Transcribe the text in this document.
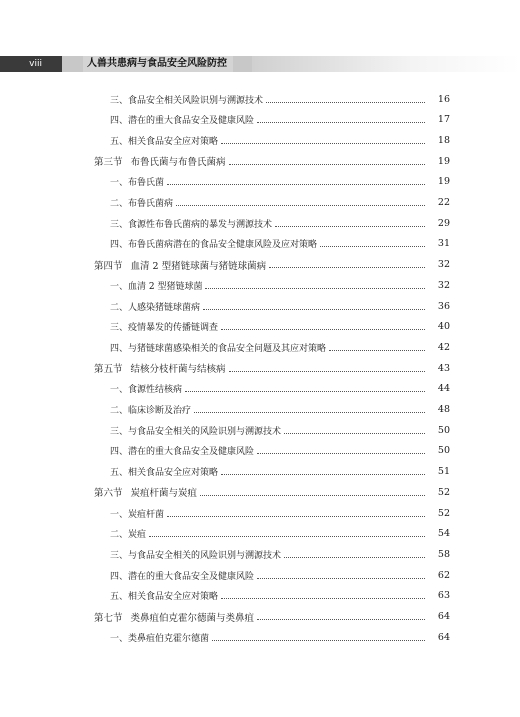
viii	人兽共患病与食品安全风险防控
三、食品安全相关风险识别与溯源技术	16
四、潜在的重大食品安全及健康风险	17
五、相关食品安全应对策略	18
第三节 布鲁氏菌与布鲁氏菌病	19
一、布鲁氏菌	19
二、布鲁氏菌病	22
三、食源性布鲁氏菌病的暴发与溯源技术	29
四、布鲁氏菌病潜在的食品安全健康风险及应对策略	31
第四节 血清 2 型猪链球菌与猪链球菌病	32
一、血清 2 型猪链球菌	32
二、人感染猪链球菌病	36
三、疫情暴发的传播链调查	40
四、与猪链球菌感染相关的食品安全问题及其应对策略	42
第五节 结核分枝杆菌与结核病	43
一、食源性结核病	44
二、临床诊断及治疗	48
三、与食品安全相关的风险识别与溯源技术	50
四、潜在的重大食品安全及健康风险	50
五、相关食品安全应对策略	51
第六节 炭疽杆菌与炭疽	52
一、炭疽杆菌	52
二、炭疽	54
三、与食品安全相关的风险识别与溯源技术	58
四、潜在的重大食品安全及健康风险	62
五、相关食品安全应对策略	63
第七节 类鼻疽伯克霍尔德菌与类鼻疽	64
一、类鼻疽伯克霍尔德菌	64
